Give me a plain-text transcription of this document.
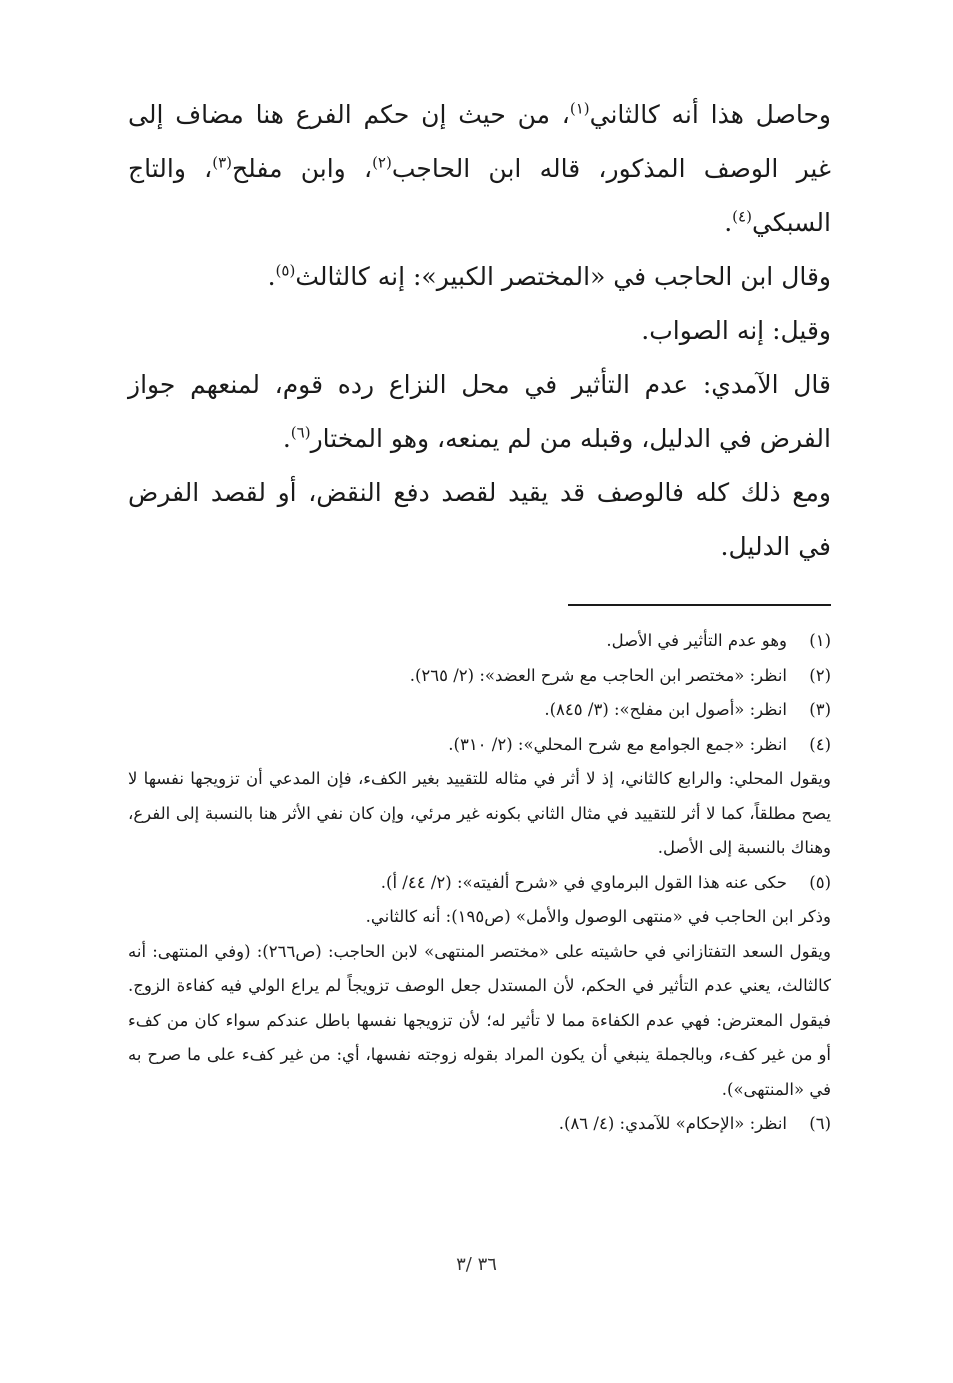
وحاصل هذا أنه كالثاني$^{(١)}$، من حيث إن حكم الفرع هنا مضاف إلى غير الوصف المذكور، قاله ابن الحاجب$^{(٢)}$، وابن مفلح$^{(٣)}$، والتاج السبكي$^{(٤)}$.

وقال ابن الحاجب في «المختصر الكبير»: إنه كالثالث$^{(٥)}$.

وقيل: إنه الصواب.

قال الآمدي: عدم التأثير في محل النزاع رده قوم، لمنعهم جواز الفرض في الدليل، وقبله من لم يمنعه، وهو المختار$^{(٦)}$.

ومع ذلك كله فالوصف قد يقيد لقصد دفع النقض، أو لقصد الفرض في الدليل.

(١)
وهو عدم التأثير في الأصل.
(٢)
انظر: «مختصر ابن الحاجب مع شرح العضد»: (٢/ ٢٦٥).
(٣)
انظر: «أصول ابن مفلح»: (٣/ ٨٤٥).
(٤)
انظر: «جمع الجوامع مع شرح المحلي»: (٢/ ٣١٠).
ويقول المحلي: والرابع كالثاني، إذ لا أثر في مثاله للتقييد بغير الكفء، فإن المدعي أن تزويجها نفسها لا يصح مطلقاً، كما لا أثر للتقييد في مثال الثاني بكونه غير مرئي، وإن كان نفي الأثر هنا بالنسبة إلى الفرع، وهناك بالنسبة إلى الأصل.
(٥)
حكى عنه هذا القول البرماوي في «شرح ألفيته»: (٢/ ٤٤/ أ).
وذكر ابن الحاجب في «منتهى الوصول والأمل» (ص١٩٥): أنه كالثاني.
ويقول السعد التفتازاني في حاشيته على «مختصر المنتهى» لابن الحاجب: (ص٢٦٦): (وفي المنتهى: أنه كالثالث، يعني عدم التأثير في الحكم، لأن المستدل جعل الوصف تزويجاً لم يراع الولي فيه كفاءة الزوج. فيقول المعترض: فهي عدم الكفاءة مما لا تأثير له؛ لأن تزويجها نفسها باطل عندكم سواء كان من كفء أو من غير كفء، وبالجملة ينبغي أن يكون المراد بقوله زوجته نفسها، أي: من غير كفء على ما صرح به في «المنتهى»).
(٦)
انظر: «الإحكام» للآمدي: (٤/ ٨٦).
٣٦ /٣
